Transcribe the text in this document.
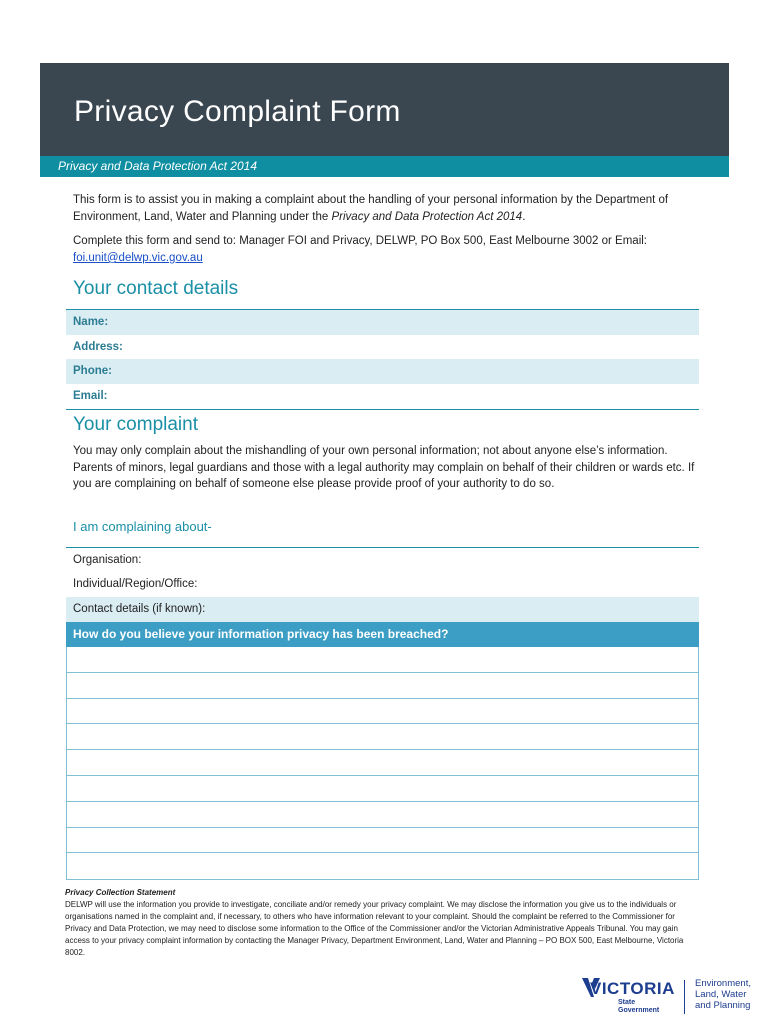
Privacy Complaint Form
Privacy and Data Protection Act 2014

This form is to assist you in making a complaint about the handling of your personal information by the Department of Environment, Land, Water and Planning under the Privacy and Data Protection Act 2014.

Complete this form and send to: Manager FOI and Privacy, DELWP, PO Box 500, East Melbourne 3002 or Email: foi.unit@delwp.vic.gov.au

Your contact details
Name:
Address:
Phone:
Email:
Your complaint
You may only complain about the mishandling of your own personal information; not about anyone else’s information. Parents of minors, legal guardians and those with a legal authority may complain on behalf of their children or wards etc. If you are complaining on behalf of someone else please provide proof of your authority to do so.
I am complaining about-
Organisation:
Individual/Region/Office:
Contact details (if known):
How do you believe your information privacy has been breached?
Privacy Collection Statement
DELWP will use the information you provide to investigate, conciliate and/or remedy your privacy complaint. We may disclose the information you give us to the individuals or organisations named in the complaint and, if necessary, to others who have information relevant to your complaint. Should the complaint be referred to the Commissioner for Privacy and Data Protection, we may need to disclose some information to the Office of the Commissioner and/or the Victorian Administrative Appeals Tribunal. You may gain access to your privacy complaint information by contacting the Manager Privacy, Department Environment, Land, Water and Planning – PO BOX 500, East Melbourne, Victoria 8002.
VICTORIA
State
Government
Environment,
Land, Water
and Planning
